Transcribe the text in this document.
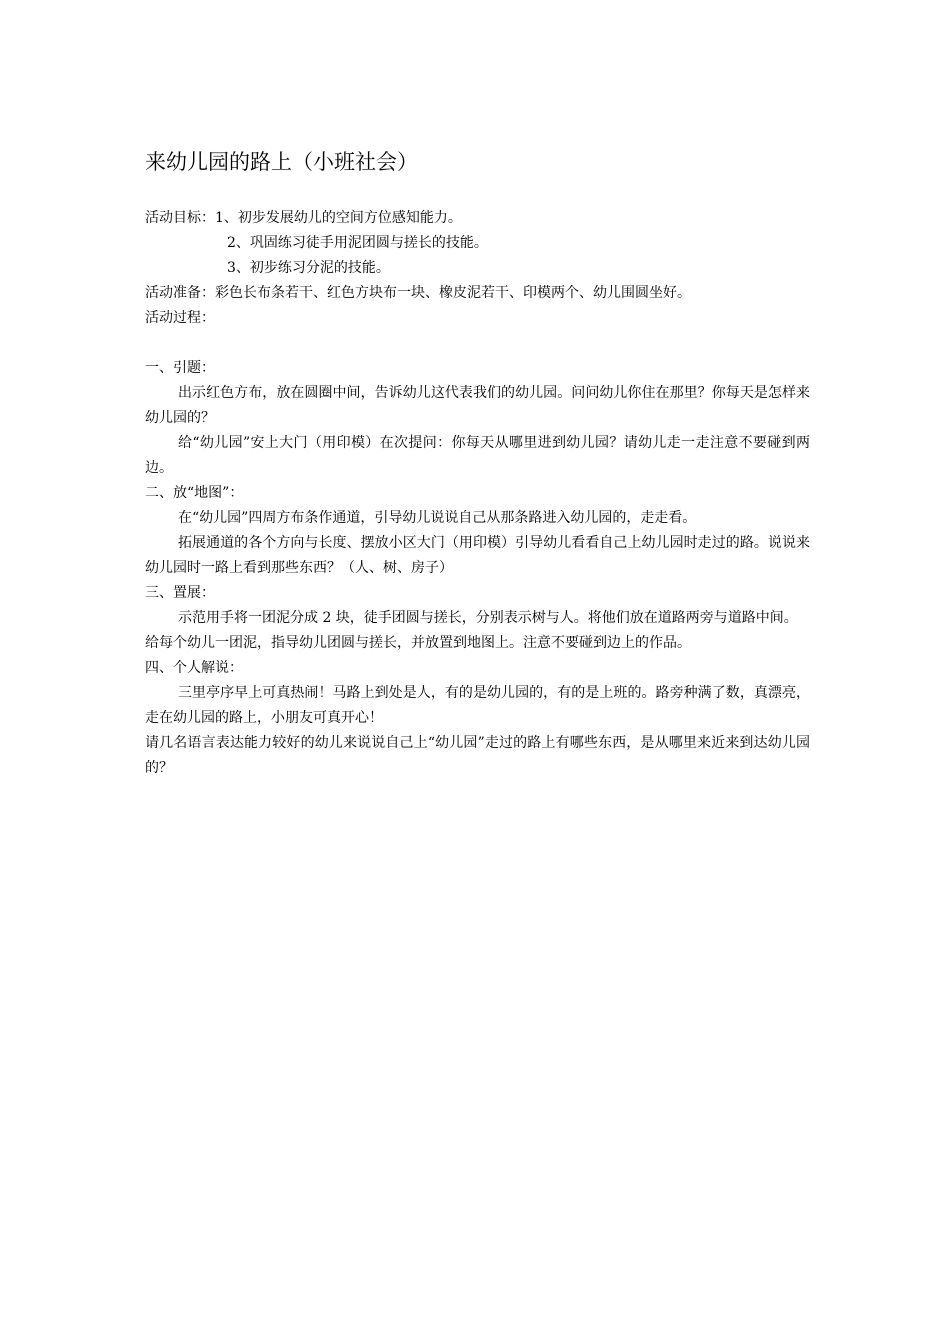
来幼儿园的路上（小班社会）
活动目标：1、初步发展幼儿的空间方位感知能力。
2、巩固练习徒手用泥团圆与搓长的技能。
3、初步练习分泥的技能。
活动准备：彩色长布条若干、红色方块布一块、橡皮泥若干、印模两个、幼儿围圆坐好。
活动过程：
一、引题：
出示红色方布，放在圆圈中间，告诉幼儿这代表我们的幼儿园。问问幼儿你住在那里？你每天是怎样来幼儿园的？
给“幼儿园”安上大门（用印模）在次提问：你每天从哪里进到幼儿园？请幼儿走一走注意不要碰到两边。
二、放“地图”：
在“幼儿园”四周方布条作通道，引导幼儿说说自己从那条路进入幼儿园的，走走看。
拓展通道的各个方向与长度、摆放小区大门（用印模）引导幼儿看看自己上幼儿园时走过的路。说说来幼儿园时一路上看到那些东西？（人、树、房子）
三、置展：
示范用手将一团泥分成 2 块，徒手团圆与搓长，分别表示树与人。将他们放在道路两旁与道路中间。
给每个幼儿一团泥，指导幼儿团圆与搓长，并放置到地图上。注意不要碰到边上的作品。
四、个人解说：
三里亭序早上可真热闹！马路上到处是人，有的是幼儿园的，有的是上班的。路旁种满了数，真漂亮，走在幼儿园的路上，小朋友可真开心！
请几名语言表达能力较好的幼儿来说说自己上“幼儿园”走过的路上有哪些东西，是从哪里来近来到达幼儿园的？
